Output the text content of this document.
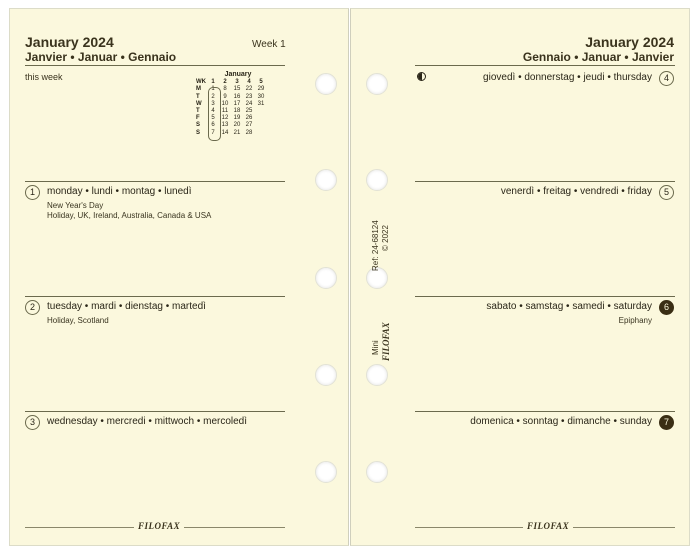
January 2024
Janvier • Januar • Gennaio
Week 1
this week	January
WK	1	2	3	4	5
M	1	8	15	22	29
T	2	9	16	23	30
W	3	10	17	24	31
T	4	11	18	25	
F	5	12	19	26	
S	6	13	20	27	
S	7	14	21	28	
1	monday • lundi • montag • lunedì
New Year's Day
Holiday, UK, Ireland, Australia, Canada & USA
2	tuesday • mardi • dienstag • martedì
Holiday, Scotland
3	wednesday • mercredi • mittwoch • mercoledì
FILOFAX
Ref: 24-68124 © 2022
Mini FILOFAX
January 2024
Gennaio • Januar • Janvier
giovedì • donnerstag • jeudi • thursday	4
venerdì • freitag • vendredi • friday	5
sabato • samstag • samedi • saturday	6
Epiphany
domenica • sonntag • dimanche • sunday	7
FILOFAX
